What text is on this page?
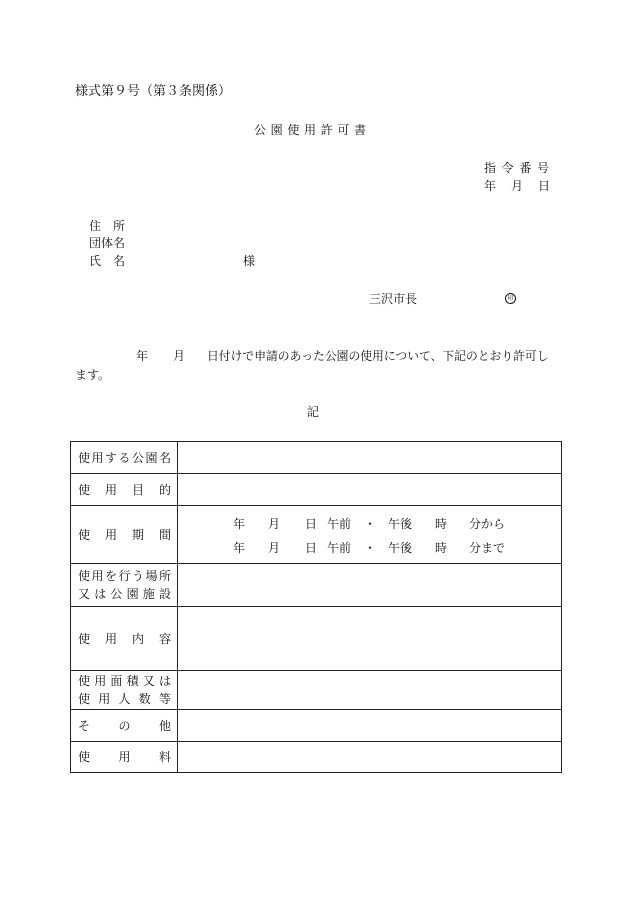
様式第９号（第３条関係）
公園使用許可書
指令番号
年月日
住所
団体名
氏名	様
三沢市長	印
年 月 日付けで申請のあった公園の使用について、下記のとおり許可し
ます。
記
使用する公園名
使用目的
使用期間
年 月 日 午前 ・ 午後 時 分から
年 月 日 午前 ・ 午後 時 分まで
使用を行う場所
又は公園施設
使用内容
使用面積又は
使用人数等
その他
使用料
